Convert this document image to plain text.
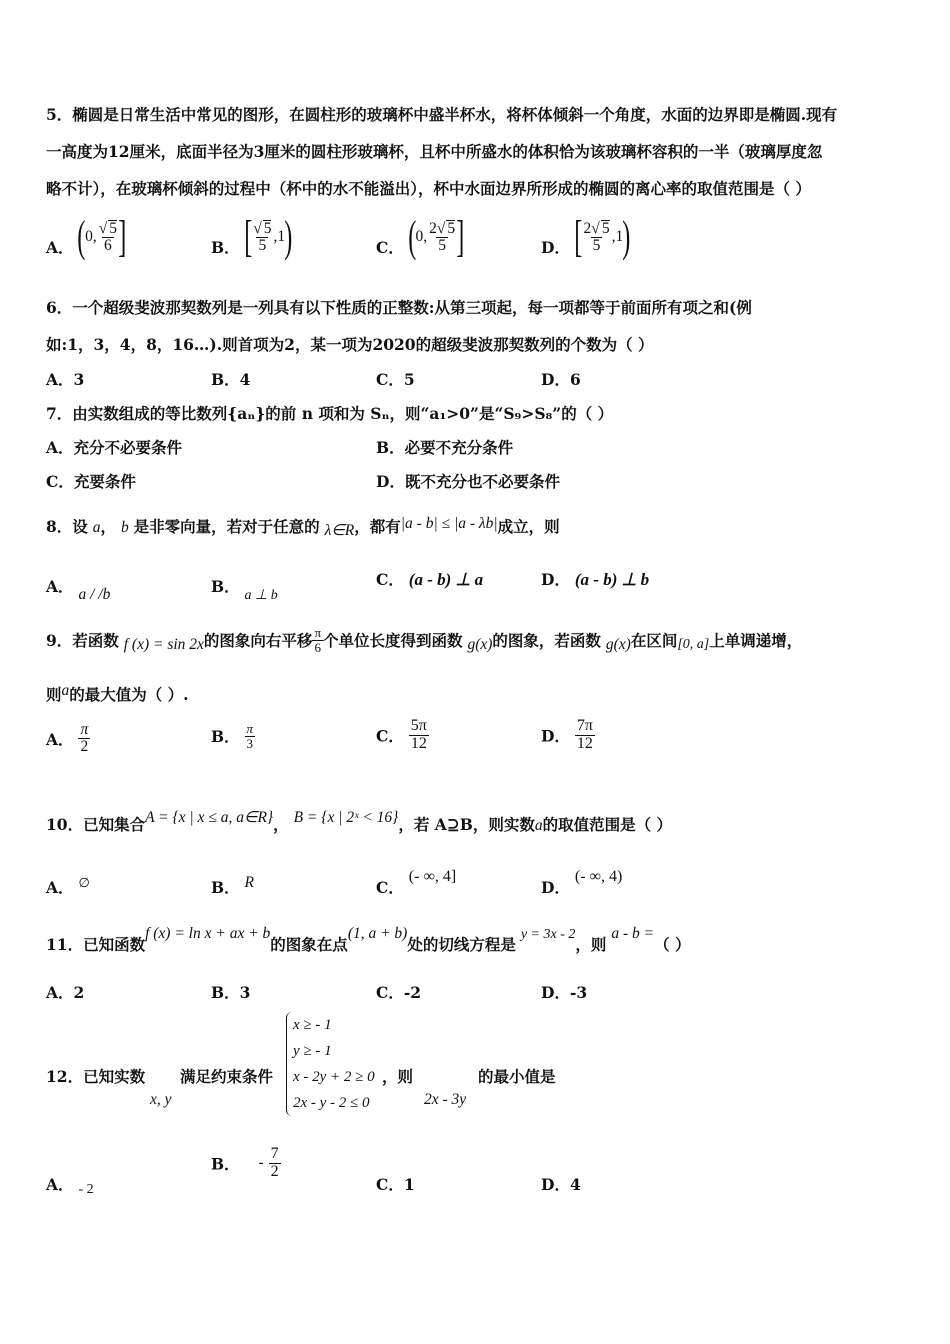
5．椭圆是日常生活中常见的图形，在圆柱形的玻璃杯中盛半杯水，将杯体倾斜一个角度，水面的边界即是椭圆.现有
一高度为12厘米，底面半径为3厘米的圆柱形玻璃杯，且杯中所盛水的体积恰为该玻璃杯容积的一半（玻璃厚度忽
略不计），在玻璃杯倾斜的过程中（杯中的水不能溢出），杯中水面边界所形成的椭圆的离心率的取值范围是（ ）
A． ( 0, $\frac{√ 5}{6}$ ]	B． [ $\frac{√ 5}{5} ,1$ )	C． ( 0, $\frac{2√ 5}{5}$ ]	D． [ $\frac{2√ 5}{5} ,1$ )
6．一个超级斐波那契数列是一列具有以下性质的正整数:从第三项起，每一项都等于前面所有项之和(例
如:1，3，4，8，16…).则首项为2，某一项为2020的超级斐波那契数列的个数为（ ）
A．3	B．4	C．5	D．6
7．由实数组成的等比数列{aₙ}的前 n 项和为 Sₙ，则“a₁>0”是“S₉>S₈”的（ ）
A．充分不必要条件	B．必要不充分条件
C．充要条件	D．既不充分也不必要条件
8．设 a， b 是非零向量，若对于任意的 λ∈R，都有|a - b| ≤ |a - λb|成立，则
A． a / /b	B． a ⊥ b
C． (a - b) ⊥ a	D． (a - b) ⊥ b
9．若函数 f (x) = sin 2x的图象向右平移 $\frac{\pi}{6}$ 个单位长度得到函数 g(x)的图象，若函数 g(x)在区间[0, a]上单调递增，
则a的最大值为（ ）.
A． $\frac{\pi}{2}$	B． $\frac{\pi}{3}$	C． $\frac{5\pi}{12}$	D． $\frac{7\pi}{12}$
10．已知集合A = {x | x ≤ a, a∈R}， B = {x | 2ˣ < 16}，若 A⊇B，则实数a的取值范围是（ ）
A． ∅	B． R	C． (- ∞, 4]
D． (- ∞, 4)
11．已知函数f (x) = ln x + ax + b的图象在点(1, a + b)处的切线方程是 y = 3x - 2，则 a - b =（ ）
A．2	B．3	C．-2	D．-3
12．已知实数
x, y
满足约束条件
x ≥ - 1
y ≥ - 1
x - 2y + 2 ≥ 0
2x - y - 2 ≤ 0
，则
2x - 3y
的最小值是
A． - 2
B． - $\frac{7}{2}$
C．1	D．4
